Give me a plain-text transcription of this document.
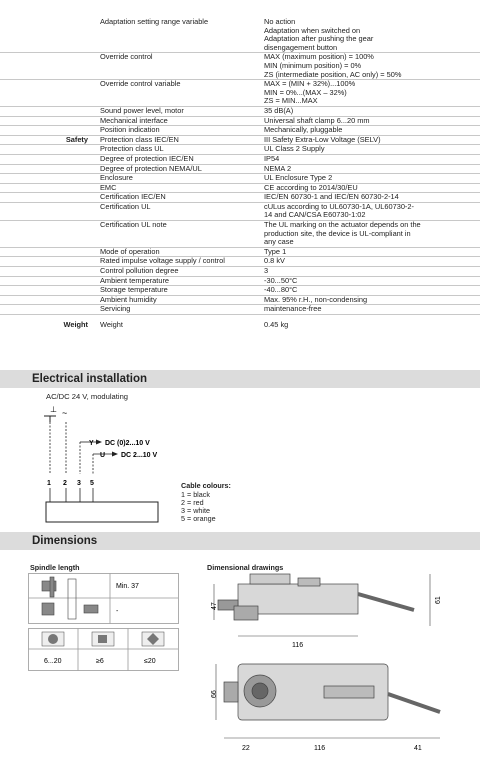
Adaptation setting range variable	No action
Adaptation when switched on
Adaptation after pushing the gear
disengagement button
Override control	MAX (maximum position) = 100%
MIN (minimum position) = 0%
ZS (intermediate position, AC only) = 50%
Override control variable	MAX = (MIN + 32%)...100%
MIN = 0%...(MAX – 32%)
ZS = MIN...MAX
Sound power level, motor	35 dB(A)
Mechanical interface	Universal shaft clamp 6...20 mm
Position indication	Mechanically, pluggable
Safety	Protection class IEC/EN	III Safety Extra-Low Voltage (SELV)
Protection class UL	UL Class 2 Supply
Degree of protection IEC/EN	IP54
Degree of protection NEMA/UL	NEMA 2
Enclosure	UL Enclosure Type 2
EMC	CE according to 2014/30/EU
Certification IEC/EN	IEC/EN 60730-1 and IEC/EN 60730-2-14
Certification UL	cULus according to UL60730-1A, UL60730-2-
14 and CAN/CSA E60730-1:02
Certification UL note	The UL marking on the actuator depends on the
production site, the device is UL-compliant in
any case
Mode of operation	Type 1
Rated impulse voltage supply / control	0.8 kV
Control pollution degree	3
Ambient temperature	-30...50°C
Storage temperature	-40...80°C
Ambient humidity	Max. 95% r.H., non-condensing
Servicing	maintenance-free
Weight	Weight	0.45 kg
Electrical installation
AC/DC 24 V, modulating
~
⊥
Y DC (0)2...10 V
U DC 2...10 V
1 2 3 5	Cable colours:
1 = black
2 = red
3 = white
5 = orange
Dimensions
Spindle length	Dimensional drawings
Min. 37
-
6...20	≥6	≤20
47
61
116
66
22	116	41
